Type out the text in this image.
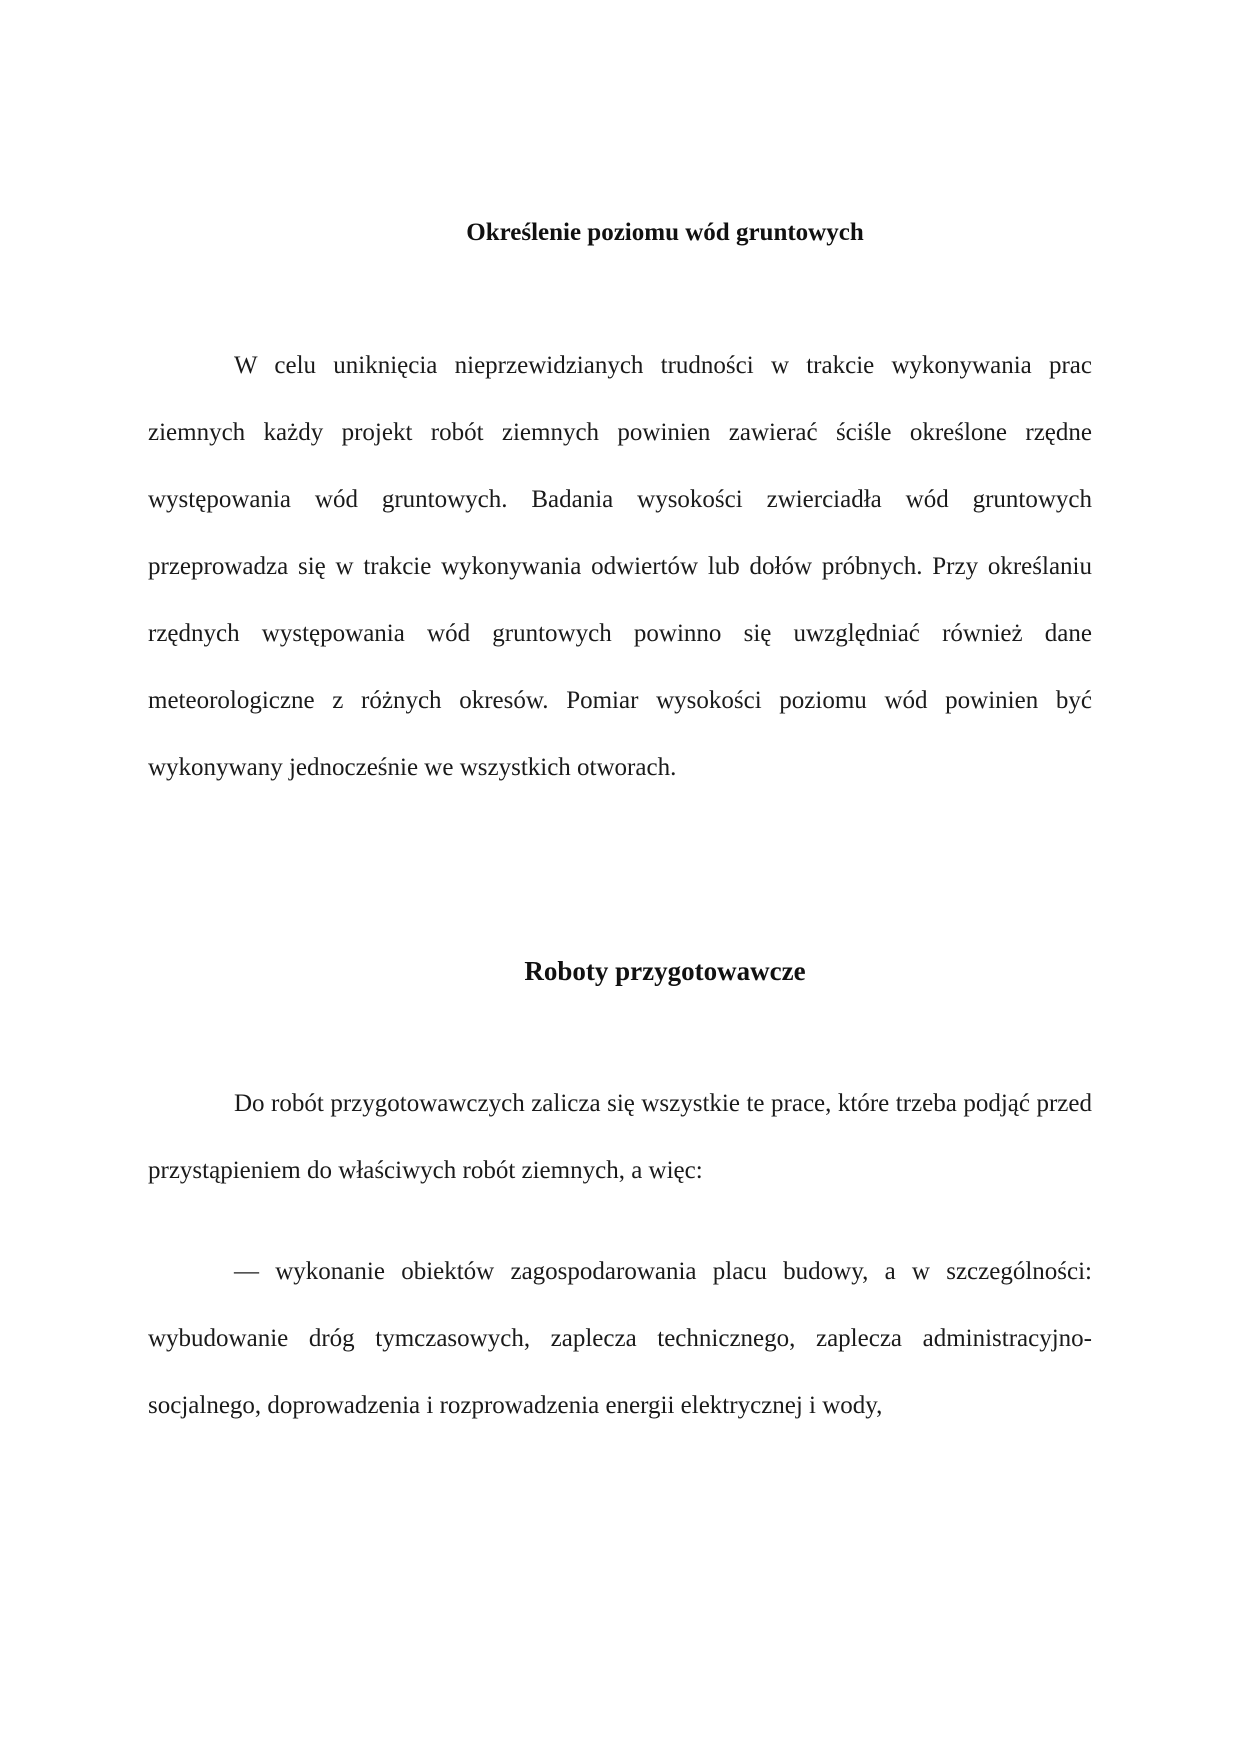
Określenie poziomu wód gruntowych

W celu uniknięcia nieprzewidzianych trudności w trakcie wykonywania prac ziemnych każdy projekt robót ziemnych powinien zawierać ściśle określone rzędne występowania wód gruntowych. Badania wysokości zwierciadła wód gruntowych przeprowadza się w trakcie wykonywania odwiertów lub dołów próbnych. Przy określaniu rzędnych występowania wód gruntowych powinno się uwzględniać również dane meteorologiczne z różnych okresów. Pomiar wysokości poziomu wód powinien być wykonywany jednocześnie we wszystkich otworach.

Roboty przygotowawcze

Do robót przygotowawczych zalicza się wszystkie te prace, które trzeba podjąć przed przystąpieniem do właściwych robót ziemnych, a więc:

— wykonanie obiektów zagospodarowania placu budowy, a w szczególności: wybudowanie dróg tymczasowych, zaplecza technicznego, zaplecza administracyjno-socjalnego, doprowadzenia i rozprowadzenia energii elektrycznej i wody,
